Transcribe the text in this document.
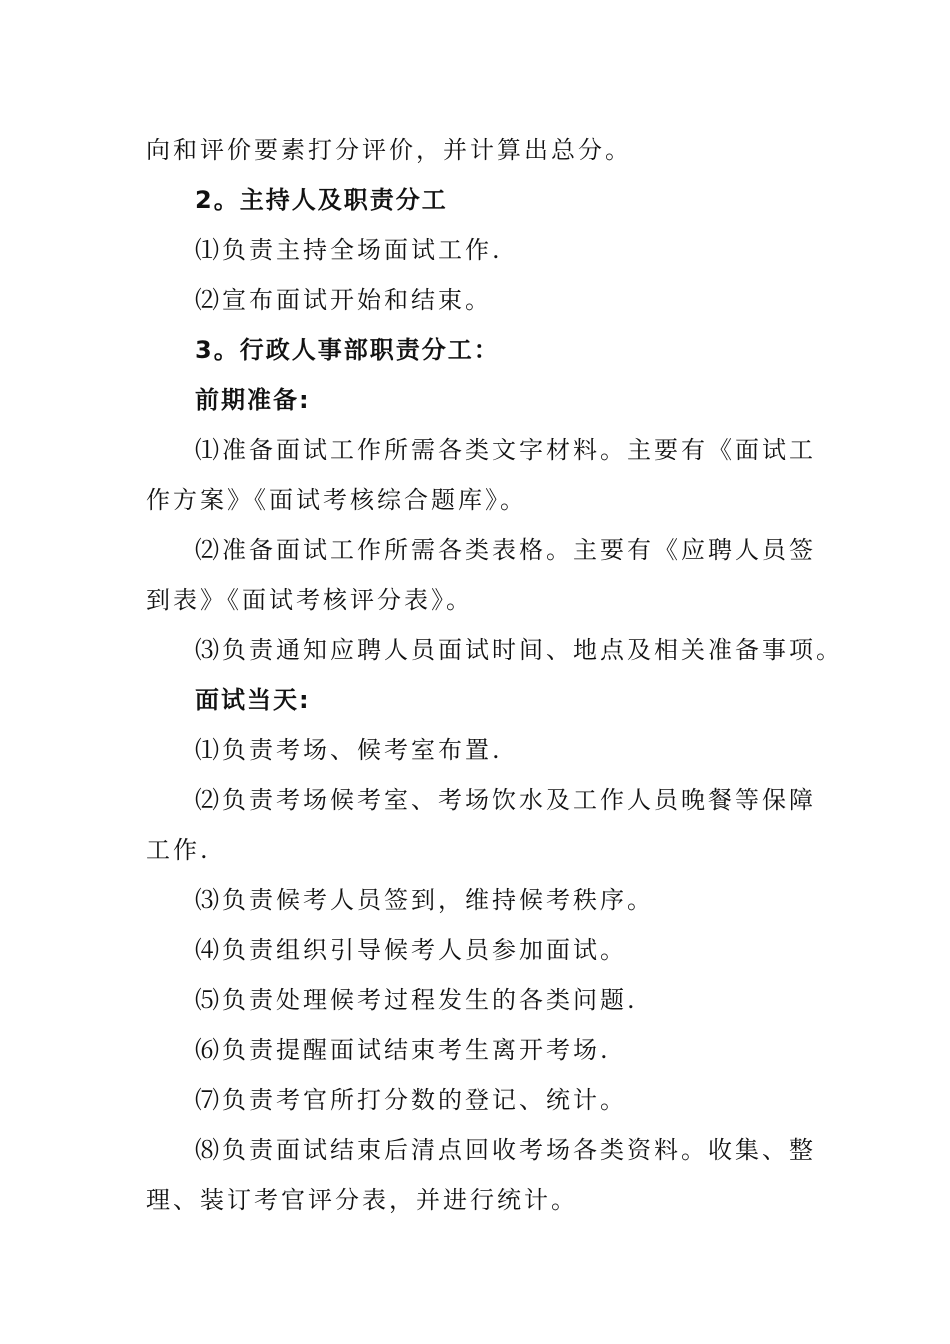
向和评价要素打分评价，并计算出总分。
2。主持人及职责分工
⑴负责主持全场面试工作.
⑵宣布面试开始和结束。
3。行政人事部职责分工：
前期准备:
⑴准备面试工作所需各类文字材料。主要有《面试工
作方案》《面试考核综合题库》。
⑵准备面试工作所需各类表格。主要有《应聘人员签
到表》《面试考核评分表》。
⑶负责通知应聘人员面试时间、地点及相关准备事项。
面试当天:
⑴负责考场、候考室布置.
⑵负责考场候考室、考场饮水及工作人员晚餐等保障
工作.
⑶负责候考人员签到，维持候考秩序。
⑷负责组织引导候考人员参加面试。
⑸负责处理候考过程发生的各类问题.
⑹负责提醒面试结束考生离开考场.
⑺负责考官所打分数的登记、统计。
⑻负责面试结束后清点回收考场各类资料。收集、整
理、装订考官评分表，并进行统计。
